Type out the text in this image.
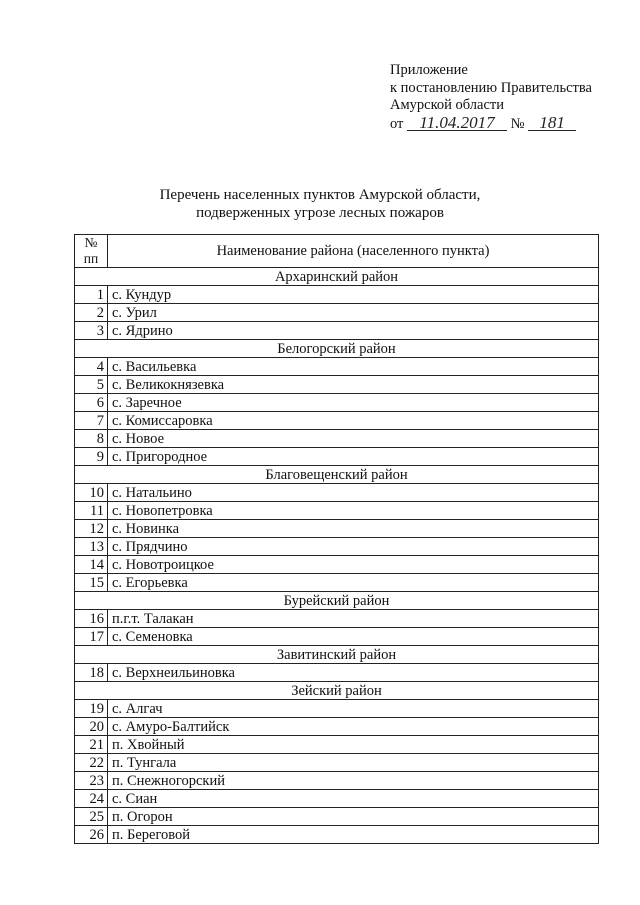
Приложение
к постановлению Правительства
Амурской области
от 11.04.2017 № 181
Перечень населенных пунктов Амурской области,
подверженных угрозе лесных пожаров
№
пп	Наименование района (населенного пункта)
Архаринский район	
1	с. Кундур
2	с. Урил
3	с. Ядрино
Белогорский район	
4	с. Васильевка
5	с. Великокнязевка
6	с. Заречное
7	с. Комиссаровка
8	с. Новое
9	с. Пригородное
Благовещенский район	
10	с. Натальино
11	с. Новопетровка
12	с. Новинка
13	с. Прядчино
14	с. Новотроицкое
15	с. Егорьевка
Бурейский район	
16	п.г.т. Талакан
17	с. Семеновка
Завитинский район	
18	с. Верхнеильиновка
Зейский район	
19	с. Алгач
20	с. Амуро-Балтийск
21	п. Хвойный
22	п. Тунгала
23	п. Снежногорский
24	с. Сиан
25	п. Огорон
26	п. Береговой
